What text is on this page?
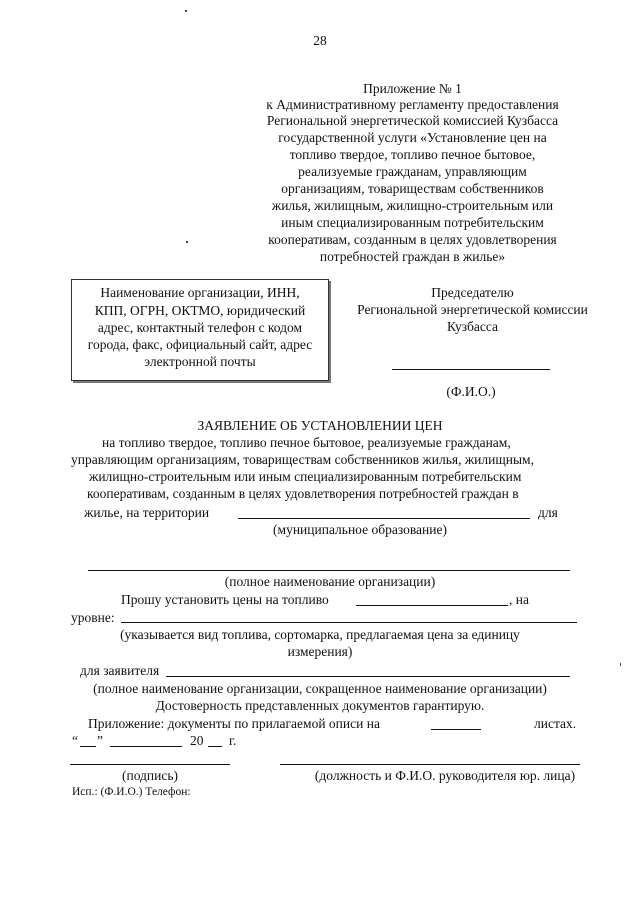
28
Приложение № 1
к Административному регламенту предоставления
Региональной энергетической комиссией Кузбасса
государственной услуги «Установление цен на
топливо твердое, топливо печное бытовое,
реализуемые гражданам, управляющим
организациям, товариществам собственников
жилья, жилищным, жилищно-строительным или
иным специализированным потребительским
кооперативам, созданным в целях удовлетворения
потребностей граждан в жилье»
Наименование организации, ИНН,
КПП, ОГРН, ОКТМО, юридический
адрес, контактный телефон с кодом
города, факс, официальный сайт, адрес
электронной почты
Председателю
Региональной энергетической комиссии
Кузбасса
(Ф.И.О.)
ЗАЯВЛЕНИЕ ОБ УСТАНОВЛЕНИИ ЦЕН
на топливо твердое, топливо печное бытовое, реализуемые гражданам,
управляющим организациям, товариществам собственников жилья, жилищным,
жилищно-строительным или иным специализированным потребительским
кооперативам, созданным в целях удовлетворения потребностей граждан в
жилье, на территории	для
(муниципальное образование)
(полное наименование организации)
Прошу установить цены на топливо	, на
уровне:
(указывается вид топлива, сортомарка, предлагаемая цена за единицу
измерения)
для заявителя
(полное наименование организации, сокращенное наименование организации)
Достоверность представленных документов гарантирую.
Приложение: документы по прилагаемой описи на	листах.
“ ”	20 г.
(подпись)	(должность и Ф.И.О. руководителя юр. лица)
Исп.: (Ф.И.О.) Телефон:
